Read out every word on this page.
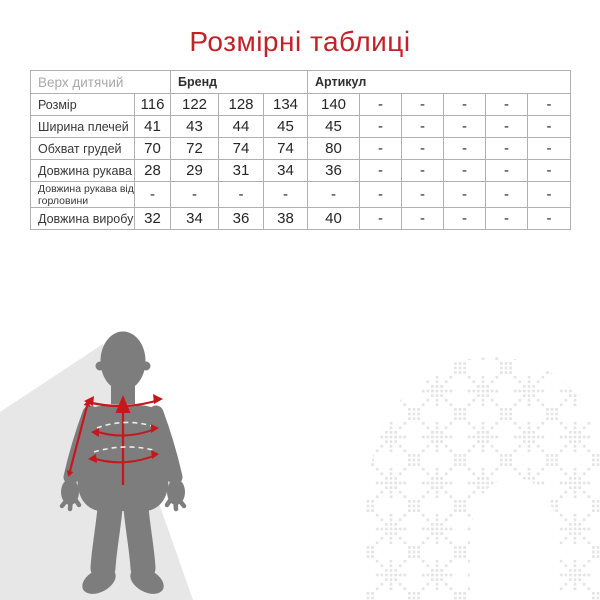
Розмірні таблиці
Верх дитячий		Бренд			Артикул					
Розмір	116	122	128	134	140	-	-	-	-	-
Ширина плечей	41	43	44	45	45	-	-	-	-	-
Обхват грудей	70	72	74	74	80	-	-	-	-	-
Довжина рукава	28	29	31	34	36	-	-	-	-	-
Довжина рукава від горловини	-	-	-	-	-	-	-	-	-	-
Довжина виробу	32	34	36	38	40	-	-	-	-	-
